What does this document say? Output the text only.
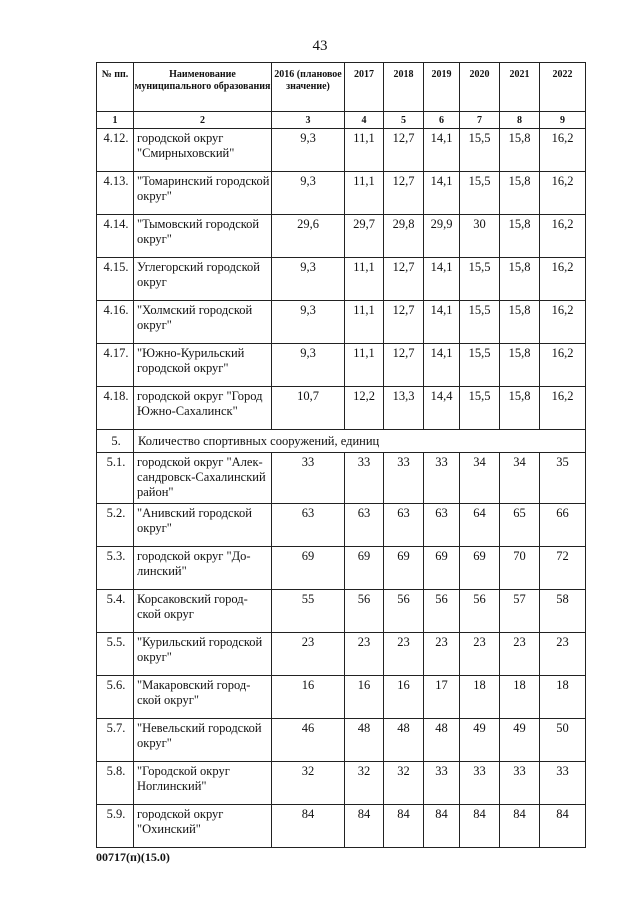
43
№ пп.	Наименование муниципального образования	2016 (плановое значение)	2017	2018	2019	2020	2021	2022
1	2	3	4	5	6	7	8	9
4.12.	городской округ "Смирныховский"	9,3	11,1	12,7	14,1	15,5	15,8	16,2
4.13.	"Томаринский городской округ"	9,3	11,1	12,7	14,1	15,5	15,8	16,2
4.14.	"Тымовский городской округ"	29,6	29,7	29,8	29,9	30	15,8	16,2
4.15.	Углегорский городской округ	9,3	11,1	12,7	14,1	15,5	15,8	16,2
4.16.	"Холмский городской округ"	9,3	11,1	12,7	14,1	15,5	15,8	16,2
4.17.	"Южно-Курильский городской округ"	9,3	11,1	12,7	14,1	15,5	15,8	16,2
4.18.	городской округ "Город Южно-Сахалинск"	10,7	12,2	13,3	14,4	15,5	15,8	16,2
5.	Количество спортивных сооружений, единиц							
5.1.	городской округ "Алек-сандровск-Сахалинский район"	33	33	33	33	34	34	35
5.2.	"Анивский городской округ"	63	63	63	63	64	65	66
5.3.	городской округ "До-линский"	69	69	69	69	69	70	72
5.4.	Корсаковский город-ской округ	55	56	56	56	56	57	58
5.5.	"Курильский городской округ"	23	23	23	23	23	23	23
5.6.	"Макаровский город-ской округ"	16	16	16	17	18	18	18
5.7.	"Невельский городской округ"	46	48	48	48	49	49	50
5.8.	"Городской округ Ноглинский"	32	32	32	33	33	33	33
5.9.	городской округ "Охинский"	84	84	84	84	84	84	84
00717(п)(15.0)
